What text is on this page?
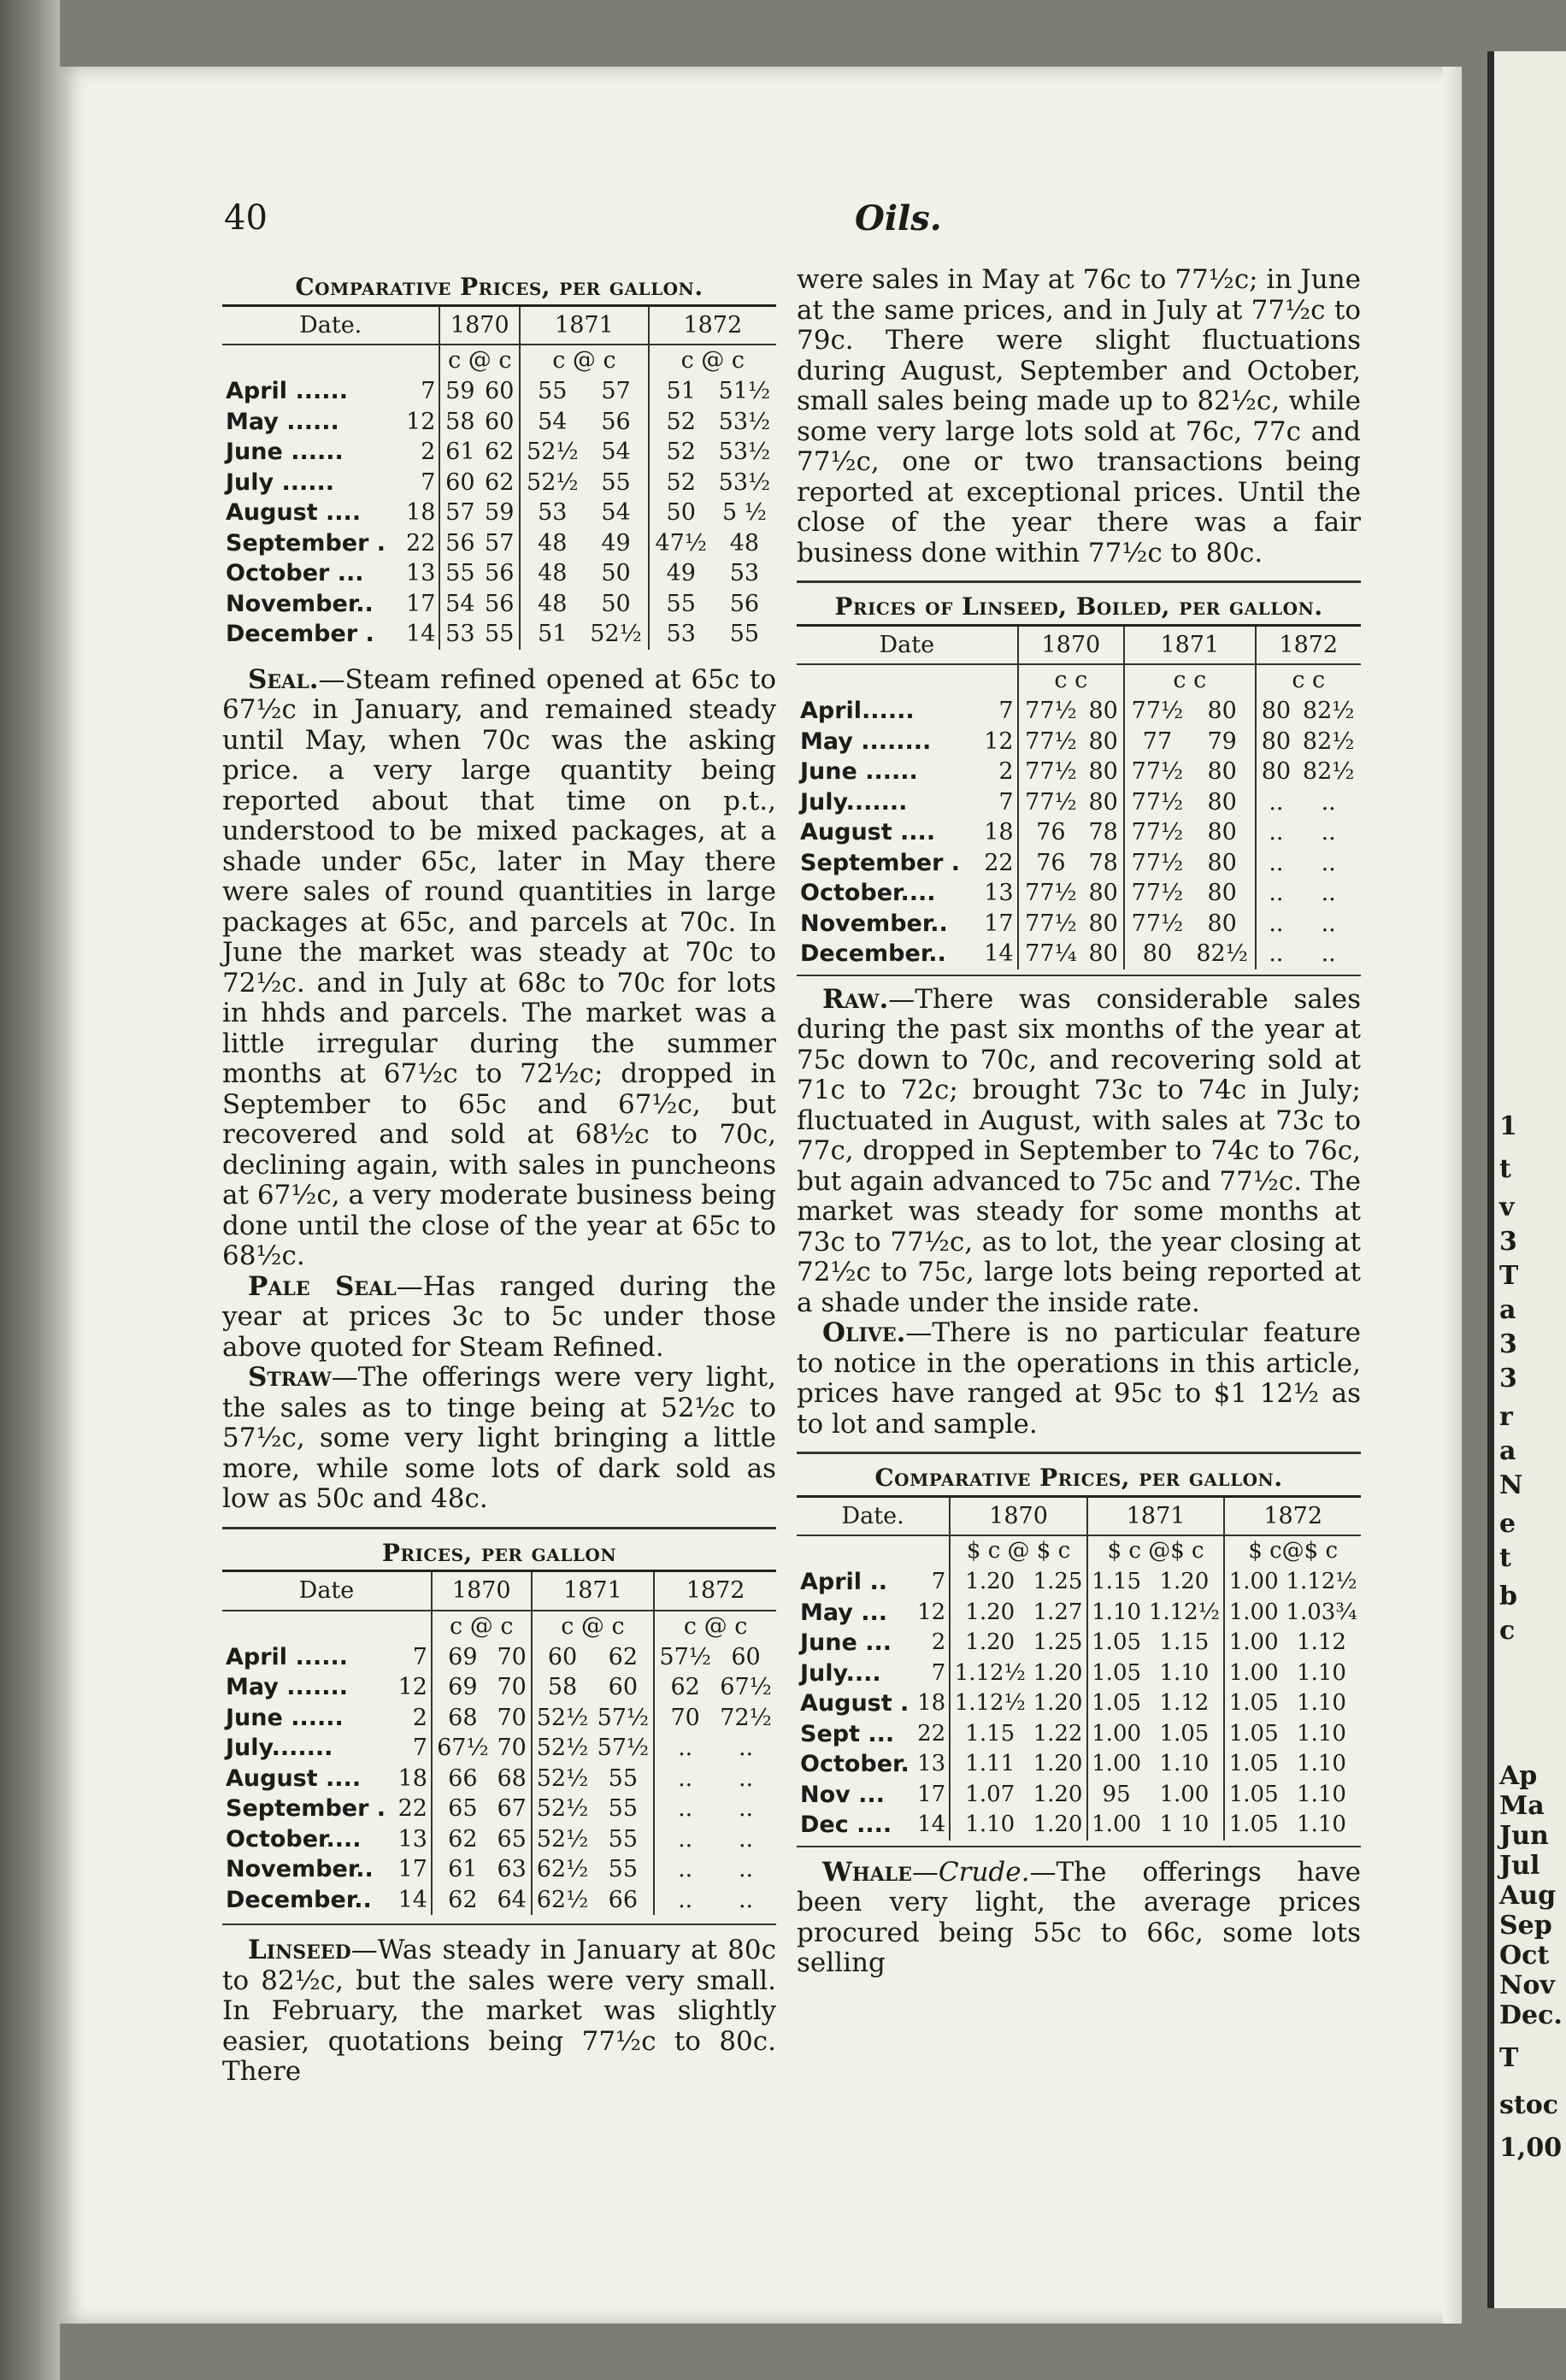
1
t
v
3
T
a
3
3
r
a
N
e
t
b
c
Ap
Ma
Jun
Jul
Aug
Sep
Oct
Nov
Dec.
T
stoc
1,00
40	Oils.
Comparative Prices, per gallon.
Date.		1870		1871		1872	
		c @ c		c @ c		c @ c	
April ......	7	59	60	55	57	51	51½
May ......	12	58	60	54	56	52	53½
June ......	2	61	62	52½	54	52	53½
July ......	7	60	62	52½	55	52	53½
August ....	18	57	59	53	54	50	5 ½
September .	22	56	57	48	49	47½	48
October ...	13	55	56	48	50	49	53
November..	17	54	56	48	50	55	56
December .	14	53	55	51	52½	53	55

Seal.—Steam refined opened at 65c to 67½c in January, and remained steady until May, when 70c was the asking price. a very large quantity being reported about that time on p.t., understood to be mixed packages, at a shade under 65c, later in May there were sales of round quantities in large packages at 65c, and parcels at 70c. In June the market was steady at 70c to 72½c. and in July at 68c to 70c for lots in hhds and parcels. The market was a little irregular during the summer months at 67½c to 72½c; dropped in September to 65c and 67½c, but recovered and sold at 68½c to 70c, declining again, with sales in puncheons at 67½c, a very moderate business being done until the close of the year at 65c to 68½c.

Pale Seal—Has ranged during the year at prices 3c to 5c under those above quoted for Steam Refined.

Straw—The offerings were very light, the sales as to tinge being at 52½c to 57½c, some very light bringing a little more, while some lots of dark sold as low as 50c and 48c.

Prices, per gallon
Date		1870		1871		1872	
		c @ c		c @ c		c @ c	
April ......	7	69	70	60	62	57½	60
May .......	12	69	70	58	60	62	67½
June ......	2	68	70	52½	57½	70	72½
July.......	7	67½	70	52½	57½	..	..
August ....	18	66	68	52½	55	..	..
September .	22	65	67	52½	55	..	..
October....	13	62	65	52½	55	..	..
November..	17	61	63	62½	55	..	..
December..	14	62	64	62½	66	..	..

Linseed—Was steady in January at 80c to 82½c, but the sales were very small. In February, the market was slightly easier, quotations being 77½c to 80c. There

were sales in May at 76c to 77½c; in June at the same prices, and in July at 77½c to 79c. There were slight fluctuations during August, September and October, small sales being made up to 82½c, while some very large lots sold at 76c, 77c and 77½c, one or two transactions being reported at exceptional prices. Until the close of the year there was a fair business done within 77½c to 80c.

Prices of Linseed, Boiled, per gallon.
Date		1870		1871		1872	
		c c		c c		c c	
April......	7	77½	80	77½	80	80	82½
May ........	12	77½	80	77	79	80	82½
June ......	2	77½	80	77½	80	80	82½
July.......	7	77½	80	77½	80	..	..
August ....	18	76	78	77½	80	..	..
September .	22	76	78	77½	80	..	..
October....	13	77½	80	77½	80	..	..
November..	17	77½	80	77½	80	..	..
December..	14	77¼	80	80	82½	..	..

Raw.—There was considerable sales during the past six months of the year at 75c down to 70c, and recovering sold at 71c to 72c; brought 73c to 74c in July; fluctuated in August, with sales at 73c to 77c, dropped in September to 74c to 76c, but again advanced to 75c and 77½c. The market was steady for some months at 73c to 77½c, as to lot, the year closing at 72½c to 75c, large lots being reported at a shade under the inside rate.

Olive.—There is no particular feature to notice in the operations in this article, prices have ranged at 95c to $1 12½ as to lot and sample.

Comparative Prices, per gallon.
Date.		1870		1871		1872	
		$ c @ $ c		$ c @$ c		$ c@$ c	
April ..	7	1.20	1.25	1.15	1.20	1.00	1.12½
May ...	12	1.20	1.27	1.10	1.12½	1.00	1.03¾
June ...	2	1.20	1.25	1.05	1.15	1.00	1.12
July....	7	1.12½	1.20	1.05	1.10	1.00	1.10
August .	18	1.12½	1.20	1.05	1.12	1.05	1.10
Sept ...	22	1.15	1.22	1.00	1.05	1.05	1.10
October.	13	1.11	1.20	1.00	1.10	1.05	1.10
Nov ...	17	1.07	1.20	95	1.00	1.05	1.10
Dec ....	14	1.10	1.20	1.00	1 10	1.05	1.10

Whale—Crude.—The offerings have been very light, the average prices procured being 55c to 66c, some lots selling
